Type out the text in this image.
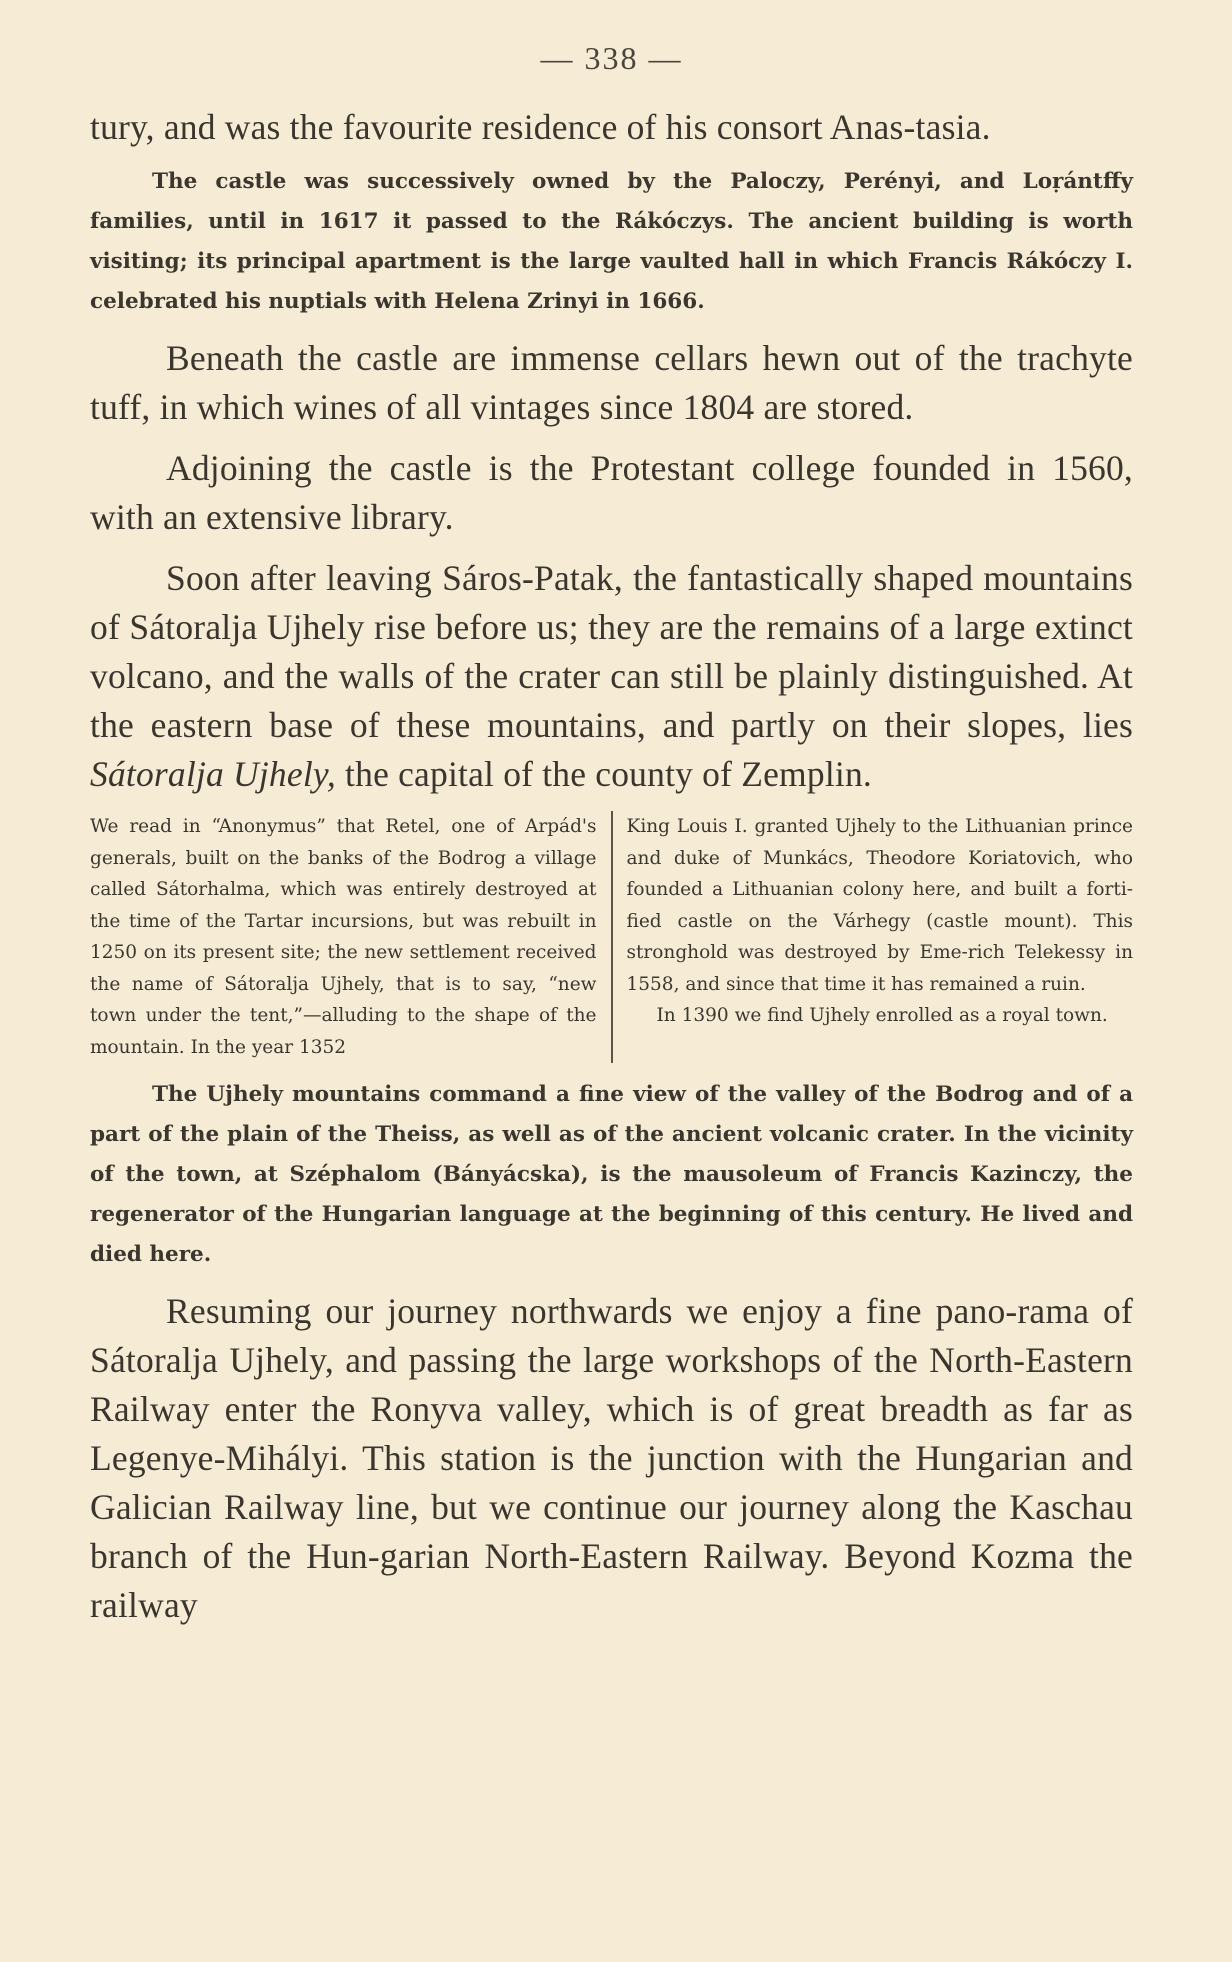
— 338 —

tury, and was the favourite residence of his consort Anas-tasia.

The castle was successively owned by the Paloczy, Perényi, and Loṛántffy families, until in 1617 it passed to the Rákóczys. The ancient building is worth visiting; its principal apartment is the large vaulted hall in which Francis Rákóczy I. celebrated his nuptials with Helena Zrinyi in 1666.

Beneath the castle are immense cellars hewn out of the trachyte tuff, in which wines of all vintages since 1804 are stored.

Adjoining the castle is the Protestant college founded in 1560, with an extensive library.

Soon after leaving Sáros-Patak, the fantastically shaped mountains of Sátoralja Ujhely rise before us; they are the remains of a large extinct volcano, and the walls of the crater can still be plainly distinguished. At the eastern base of these mountains, and partly on their slopes, lies Sátoralja Ujhely, the capital of the county of Zemplin.

We read in “Anonymus” that Retel, one of Arpád's generals, built on the banks of the Bodrog a village called Sátorhalma, which was entirely destroyed at the time of the Tartar incursions, but was rebuilt in 1250 on its present site; the new settlement received the name of Sátoralja Ujhely, that is to say, “new town under the tent,”—alluding to the shape of the mountain. In the year 1352

King Louis I. granted Ujhely to the Lithuanian prince and duke of Munkács, Theodore Koriatovich, who founded a Lithuanian colony here, and built a forti-fied castle on the Várhegy (castle mount). This stronghold was destroyed by Eme-rich Telekessy in 1558, and since that time it has remained a ruin.

In 1390 we find Ujhely enrolled as a royal town.

The Ujhely mountains command a fine view of the valley of the Bodrog and of a part of the plain of the Theiss, as well as of the ancient volcanic crater. In the vicinity of the town, at Széphalom (Bányácska), is the mausoleum of Francis Kazinczy, the regenerator of the Hungarian language at the beginning of this century. He lived and died here.

Resuming our journey northwards we enjoy a fine pano-rama of Sátoralja Ujhely, and passing the large workshops of the North-Eastern Railway enter the Ronyva valley, which is of great breadth as far as Legenye-Mihályi. This station is the junction with the Hungarian and Galician Railway line, but we continue our journey along the Kaschau branch of the Hun-garian North-Eastern Railway. Beyond Kozma the railway
